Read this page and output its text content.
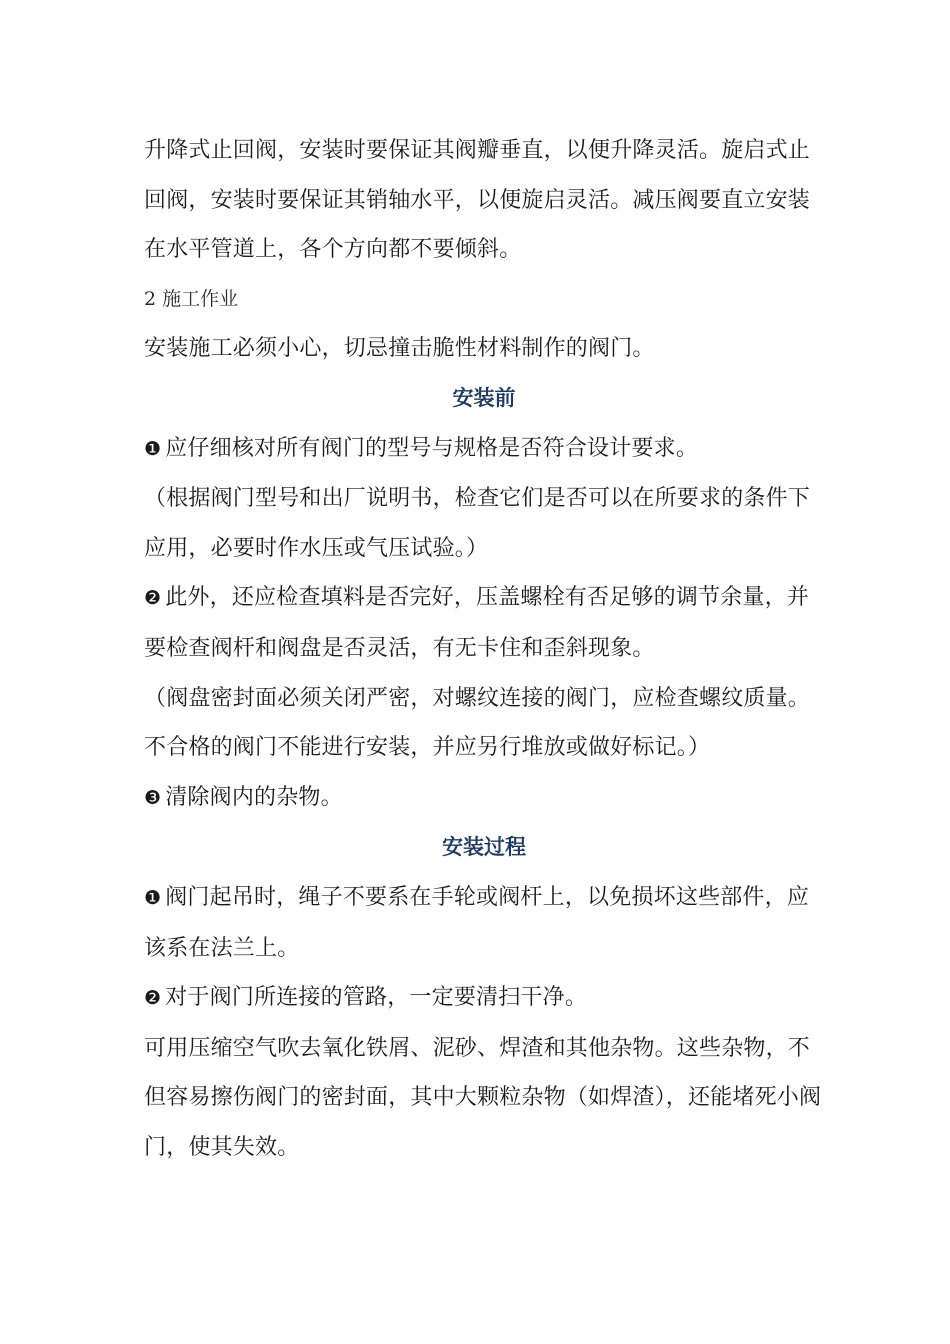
升降式止回阀，安装时要保证其阀瓣垂直，以便升降灵活。旋启式止回阀，安装时要保证其销轴水平，以便旋启灵活。减压阀要直立安装在水平管道上，各个方向都不要倾斜。

2 施工作业

安装施工必须小心，切忌撞击脆性材料制作的阀门。

安装前

❶ 应仔细核对所有阀门的型号与规格是否符合设计要求。

（根据阀门型号和出厂说明书，检查它们是否可以在所要求的条件下应用，必要时作水压或气压试验。）

❷ 此外，还应检查填料是否完好，压盖螺栓有否足够的调节余量，并要检查阀杆和阀盘是否灵活，有无卡住和歪斜现象。

（阀盘密封面必须关闭严密，对螺纹连接的阀门，应检查螺纹质量。不合格的阀门不能进行安装，并应另行堆放或做好标记。）

❸ 清除阀内的杂物。

安装过程

❶ 阀门起吊时，绳子不要系在手轮或阀杆上，以免损坏这些部件，应该系在法兰上。

❷ 对于阀门所连接的管路，一定要清扫干净。

可用压缩空气吹去氧化铁屑、泥砂、焊渣和其他杂物。这些杂物，不但容易擦伤阀门的密封面，其中大颗粒杂物（如焊渣），还能堵死小阀门，使其失效。
